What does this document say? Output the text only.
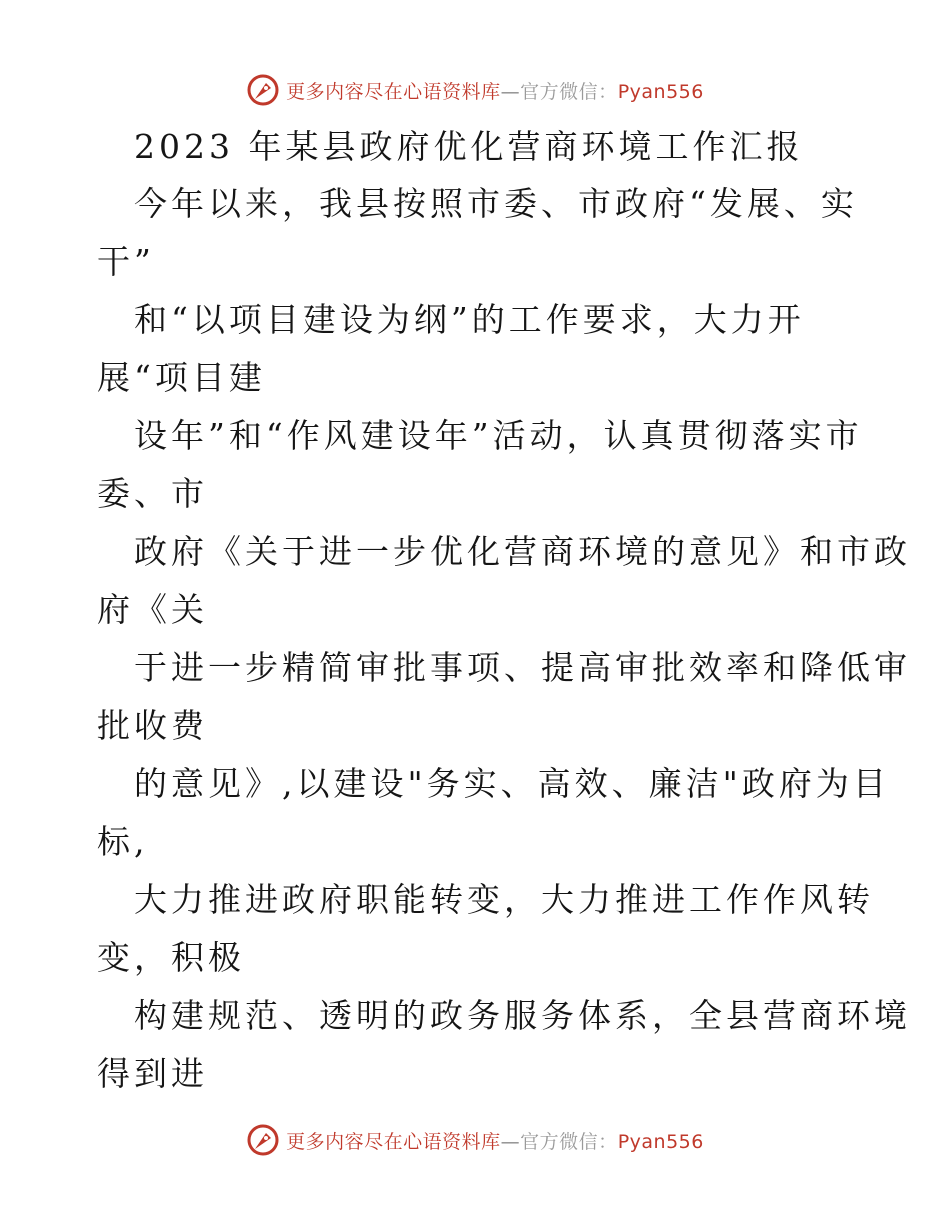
更多内容尽在心语资料库—官方微信：Pyan556
2023 年某县政府优化营商环境工作汇报
今年以来，我县按照市委、市政府“发展、实
干”
和“以项目建设为纲”的工作要求，大力开
展“项目建
设年”和“作风建设年”活动，认真贯彻落实市
委、市
政府《关于进一步优化营商环境的意见》和市政
府《关
于进一步精简审批事项、提高审批效率和降低审
批收费
的意见》,以建设"务实、高效、廉洁"政府为目
标,
大力推进政府职能转变，大力推进工作作风转
变，积极
构建规范、透明的政务服务体系，全县营商环境
得到进
更多内容尽在心语资料库—官方微信：Pyan556
